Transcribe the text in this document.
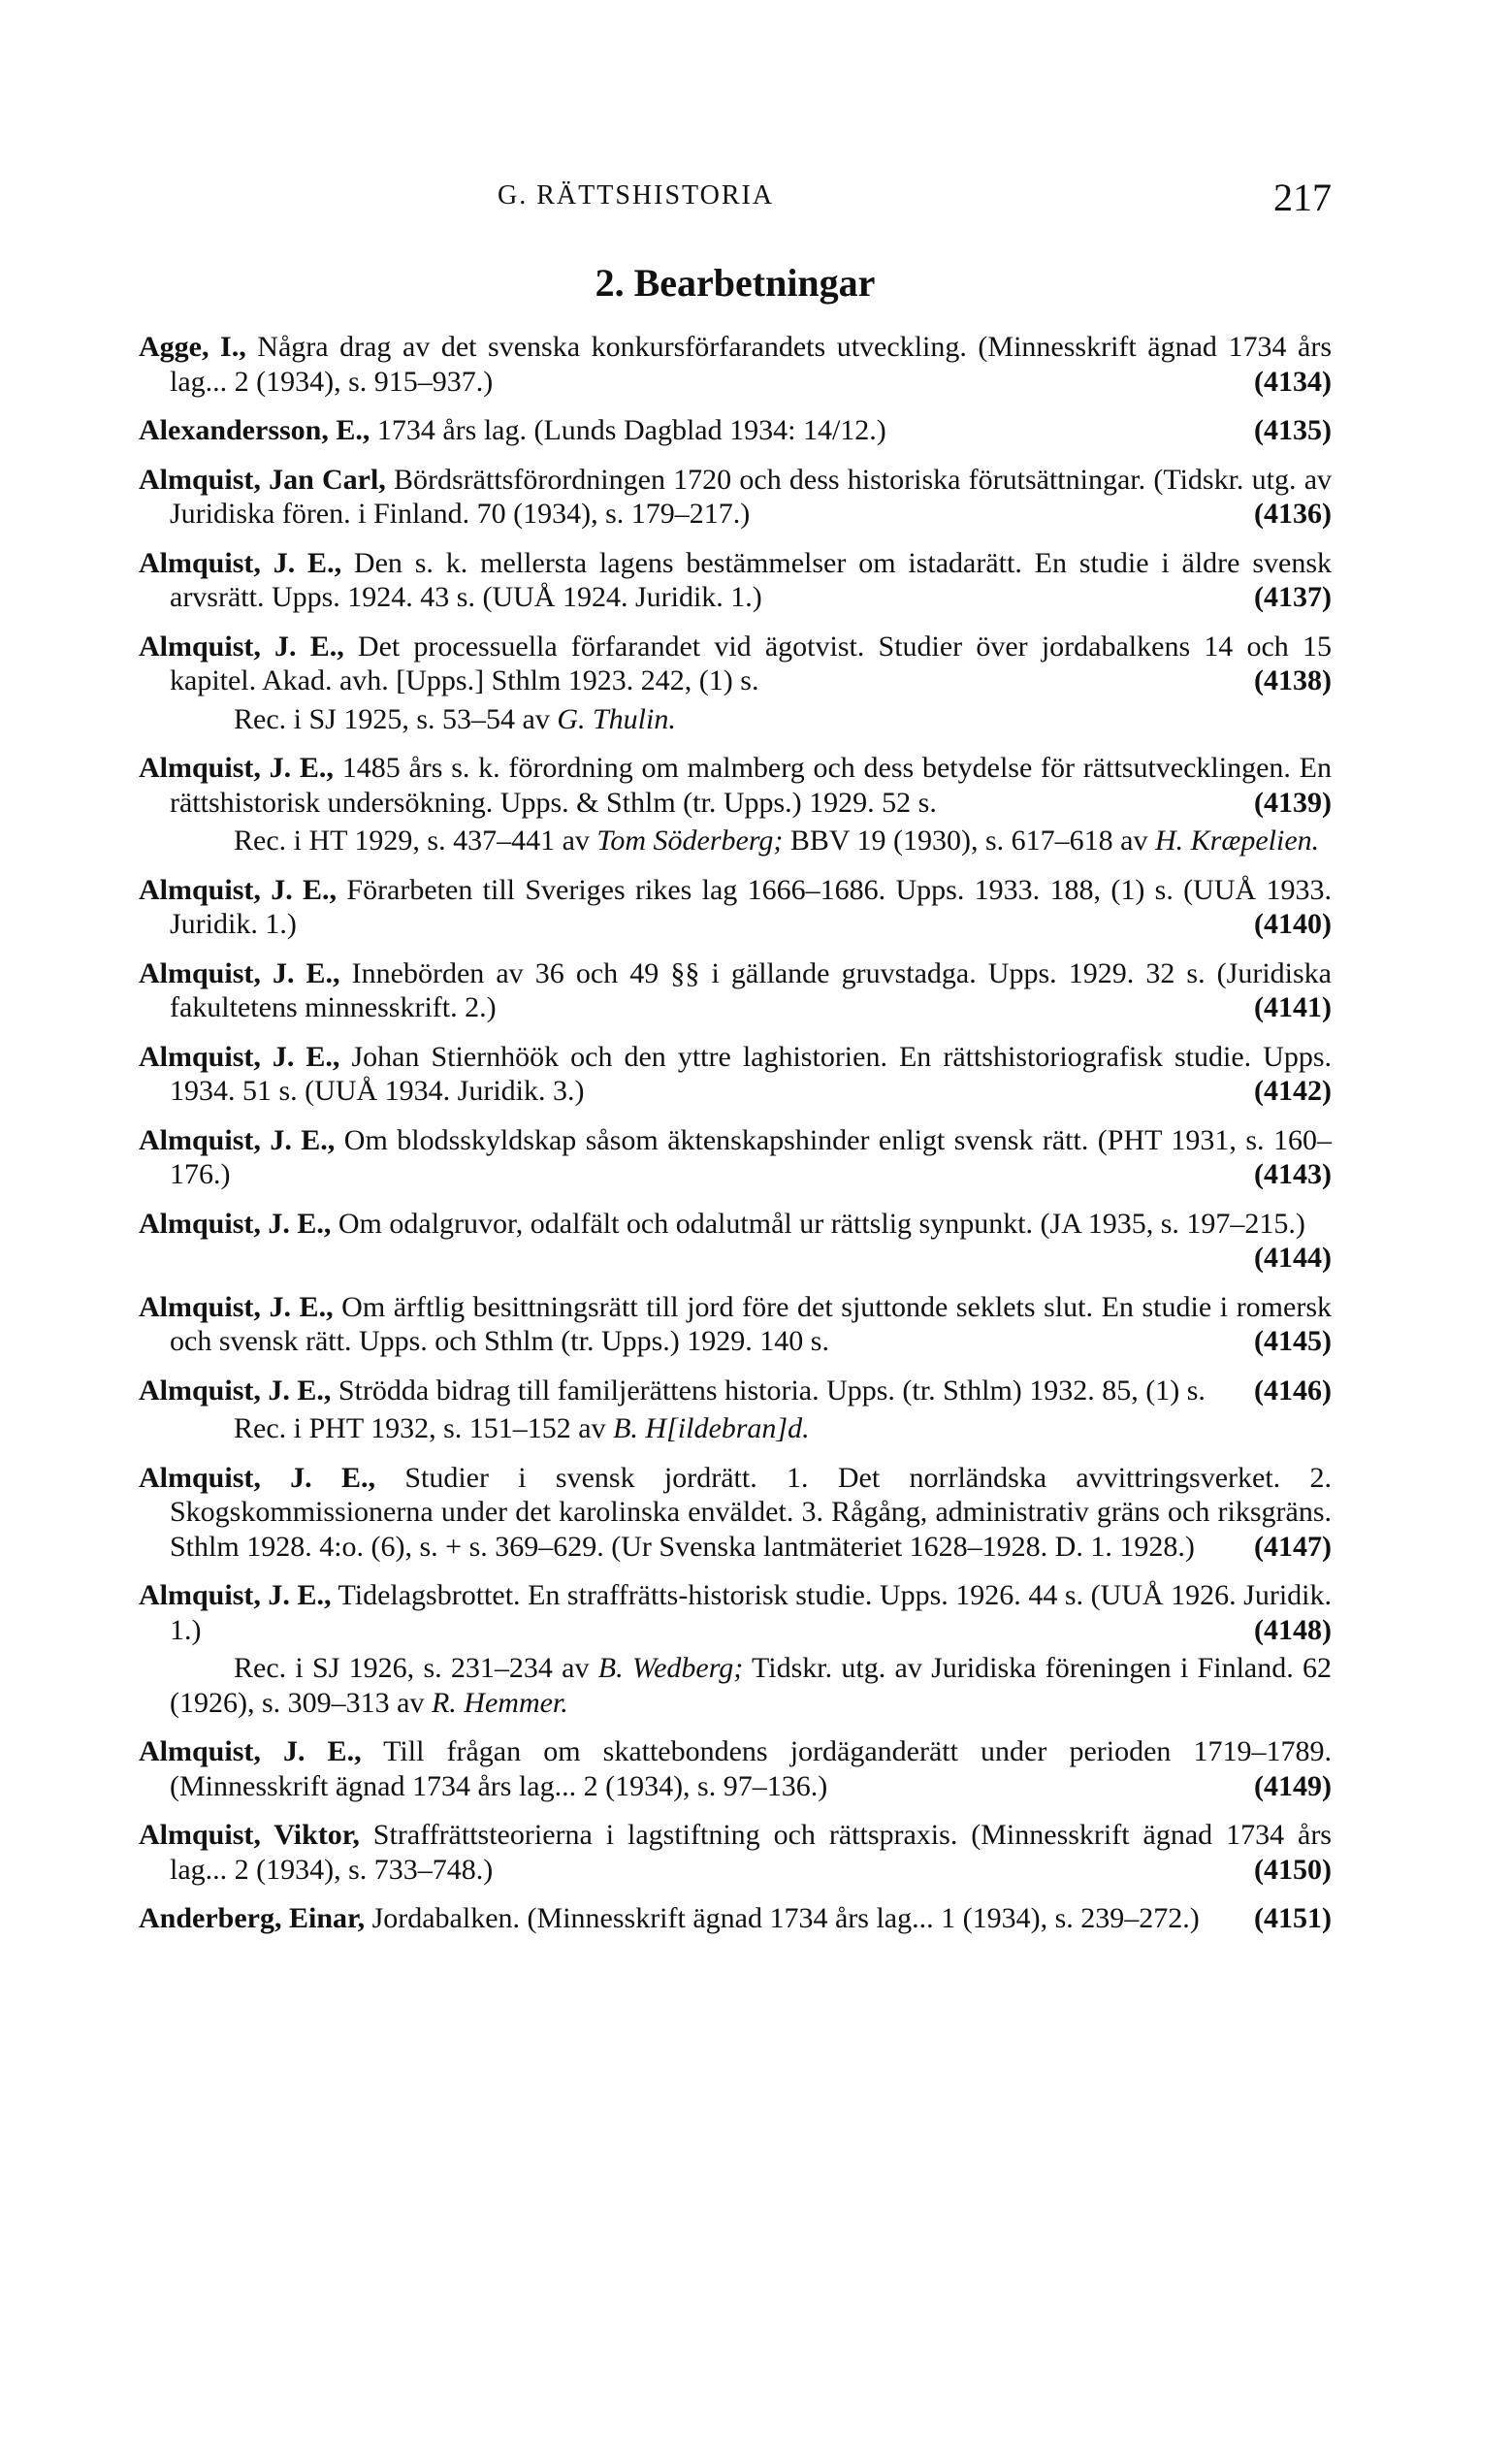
G. RÄTTSHISTORIA	217
2. Bearbetningar
Agge, I., Några drag av det svenska konkursförfarandets utveckling. (Minnesskrift ägnad 1734 års lag... 2 (1934), s. 915–937.)	(4134)
Alexandersson, E., 1734 års lag. (Lunds Dagblad 1934: 14/12.)	(4135)
Almquist, Jan Carl, Bördsrättsförordningen 1720 och dess historiska förutsättningar. (Tidskr. utg. av Juridiska fören. i Finland. 70 (1934), s. 179–217.)	(4136)
Almquist, J. E., Den s. k. mellersta lagens bestämmelser om istadarätt. En studie i äldre svensk arvsrätt. Upps. 1924. 43 s. (UUÅ 1924. Juridik. 1.)	(4137)
Almquist, J. E., Det processuella förfarandet vid ägotvist. Studier över jordabalkens 14 och 15 kapitel. Akad. avh. [Upps.] Sthlm 1923. 242, (1) s.	(4138)
Rec. i SJ 1925, s. 53–54 av G. Thulin.
Almquist, J. E., 1485 års s. k. förordning om malmberg och dess betydelse för rättsutvecklingen. En rättshistorisk undersökning. Upps. & Sthlm (tr. Upps.) 1929. 52 s.	(4139)
Rec. i HT 1929, s. 437–441 av Tom Söderberg; BBV 19 (1930), s. 617–618 av H. Kræpelien.
Almquist, J. E., Förarbeten till Sveriges rikes lag 1666–1686. Upps. 1933. 188, (1) s. (UUÅ 1933. Juridik. 1.)	(4140)
Almquist, J. E., Innebörden av 36 och 49 §§ i gällande gruvstadga. Upps. 1929. 32 s. (Juridiska fakultetens minnesskrift. 2.)	(4141)
Almquist, J. E., Johan Stiernhöök och den yttre laghistorien. En rättshistoriografisk studie. Upps. 1934. 51 s. (UUÅ 1934. Juridik. 3.)	(4142)
Almquist, J. E., Om blodsskyldskap såsom äktenskapshinder enligt svensk rätt. (PHT 1931, s. 160–176.)	(4143)
Almquist, J. E., Om odalgruvor, odalfält och odalutmål ur rättslig synpunkt. (JA 1935, s. 197–215.)
(4144)
Almquist, J. E., Om ärftlig besittningsrätt till jord före det sjuttonde seklets slut. En studie i romersk och svensk rätt. Upps. och Sthlm (tr. Upps.) 1929. 140 s.	(4145)
Almquist, J. E., Strödda bidrag till familjerättens historia. Upps. (tr. Sthlm) 1932. 85, (1) s. (4146)
Rec. i PHT 1932, s. 151–152 av B. H[ildebran]d.
Almquist, J. E., Studier i svensk jordrätt. 1. Det norrländska avvittringsverket. 2. Skogskommissionerna under det karolinska enväldet. 3. Rågång, administrativ gräns och riksgräns. Sthlm 1928. 4:o. (6), s. + s. 369–629. (Ur Svenska lantmäteriet 1628–1928. D. 1. 1928.) (4147)
Almquist, J. E., Tidelagsbrottet. En straffrätts-historisk studie. Upps. 1926. 44 s. (UUÅ 1926. Juridik. 1.)	(4148)
Rec. i SJ 1926, s. 231–234 av B. Wedberg; Tidskr. utg. av Juridiska föreningen i Finland. 62 (1926), s. 309–313 av R. Hemmer.
Almquist, J. E., Till frågan om skattebondens jordäganderätt under perioden 1719–1789. (Minnesskrift ägnad 1734 års lag... 2 (1934), s. 97–136.)	(4149)
Almquist, Viktor, Straffrättsteorierna i lagstiftning och rättspraxis. (Minnesskrift ägnad 1734 års lag... 2 (1934), s. 733–748.)	(4150)
Anderberg, Einar, Jordabalken. (Minnesskrift ägnad 1734 års lag... 1 (1934), s. 239–272.) (4151)
